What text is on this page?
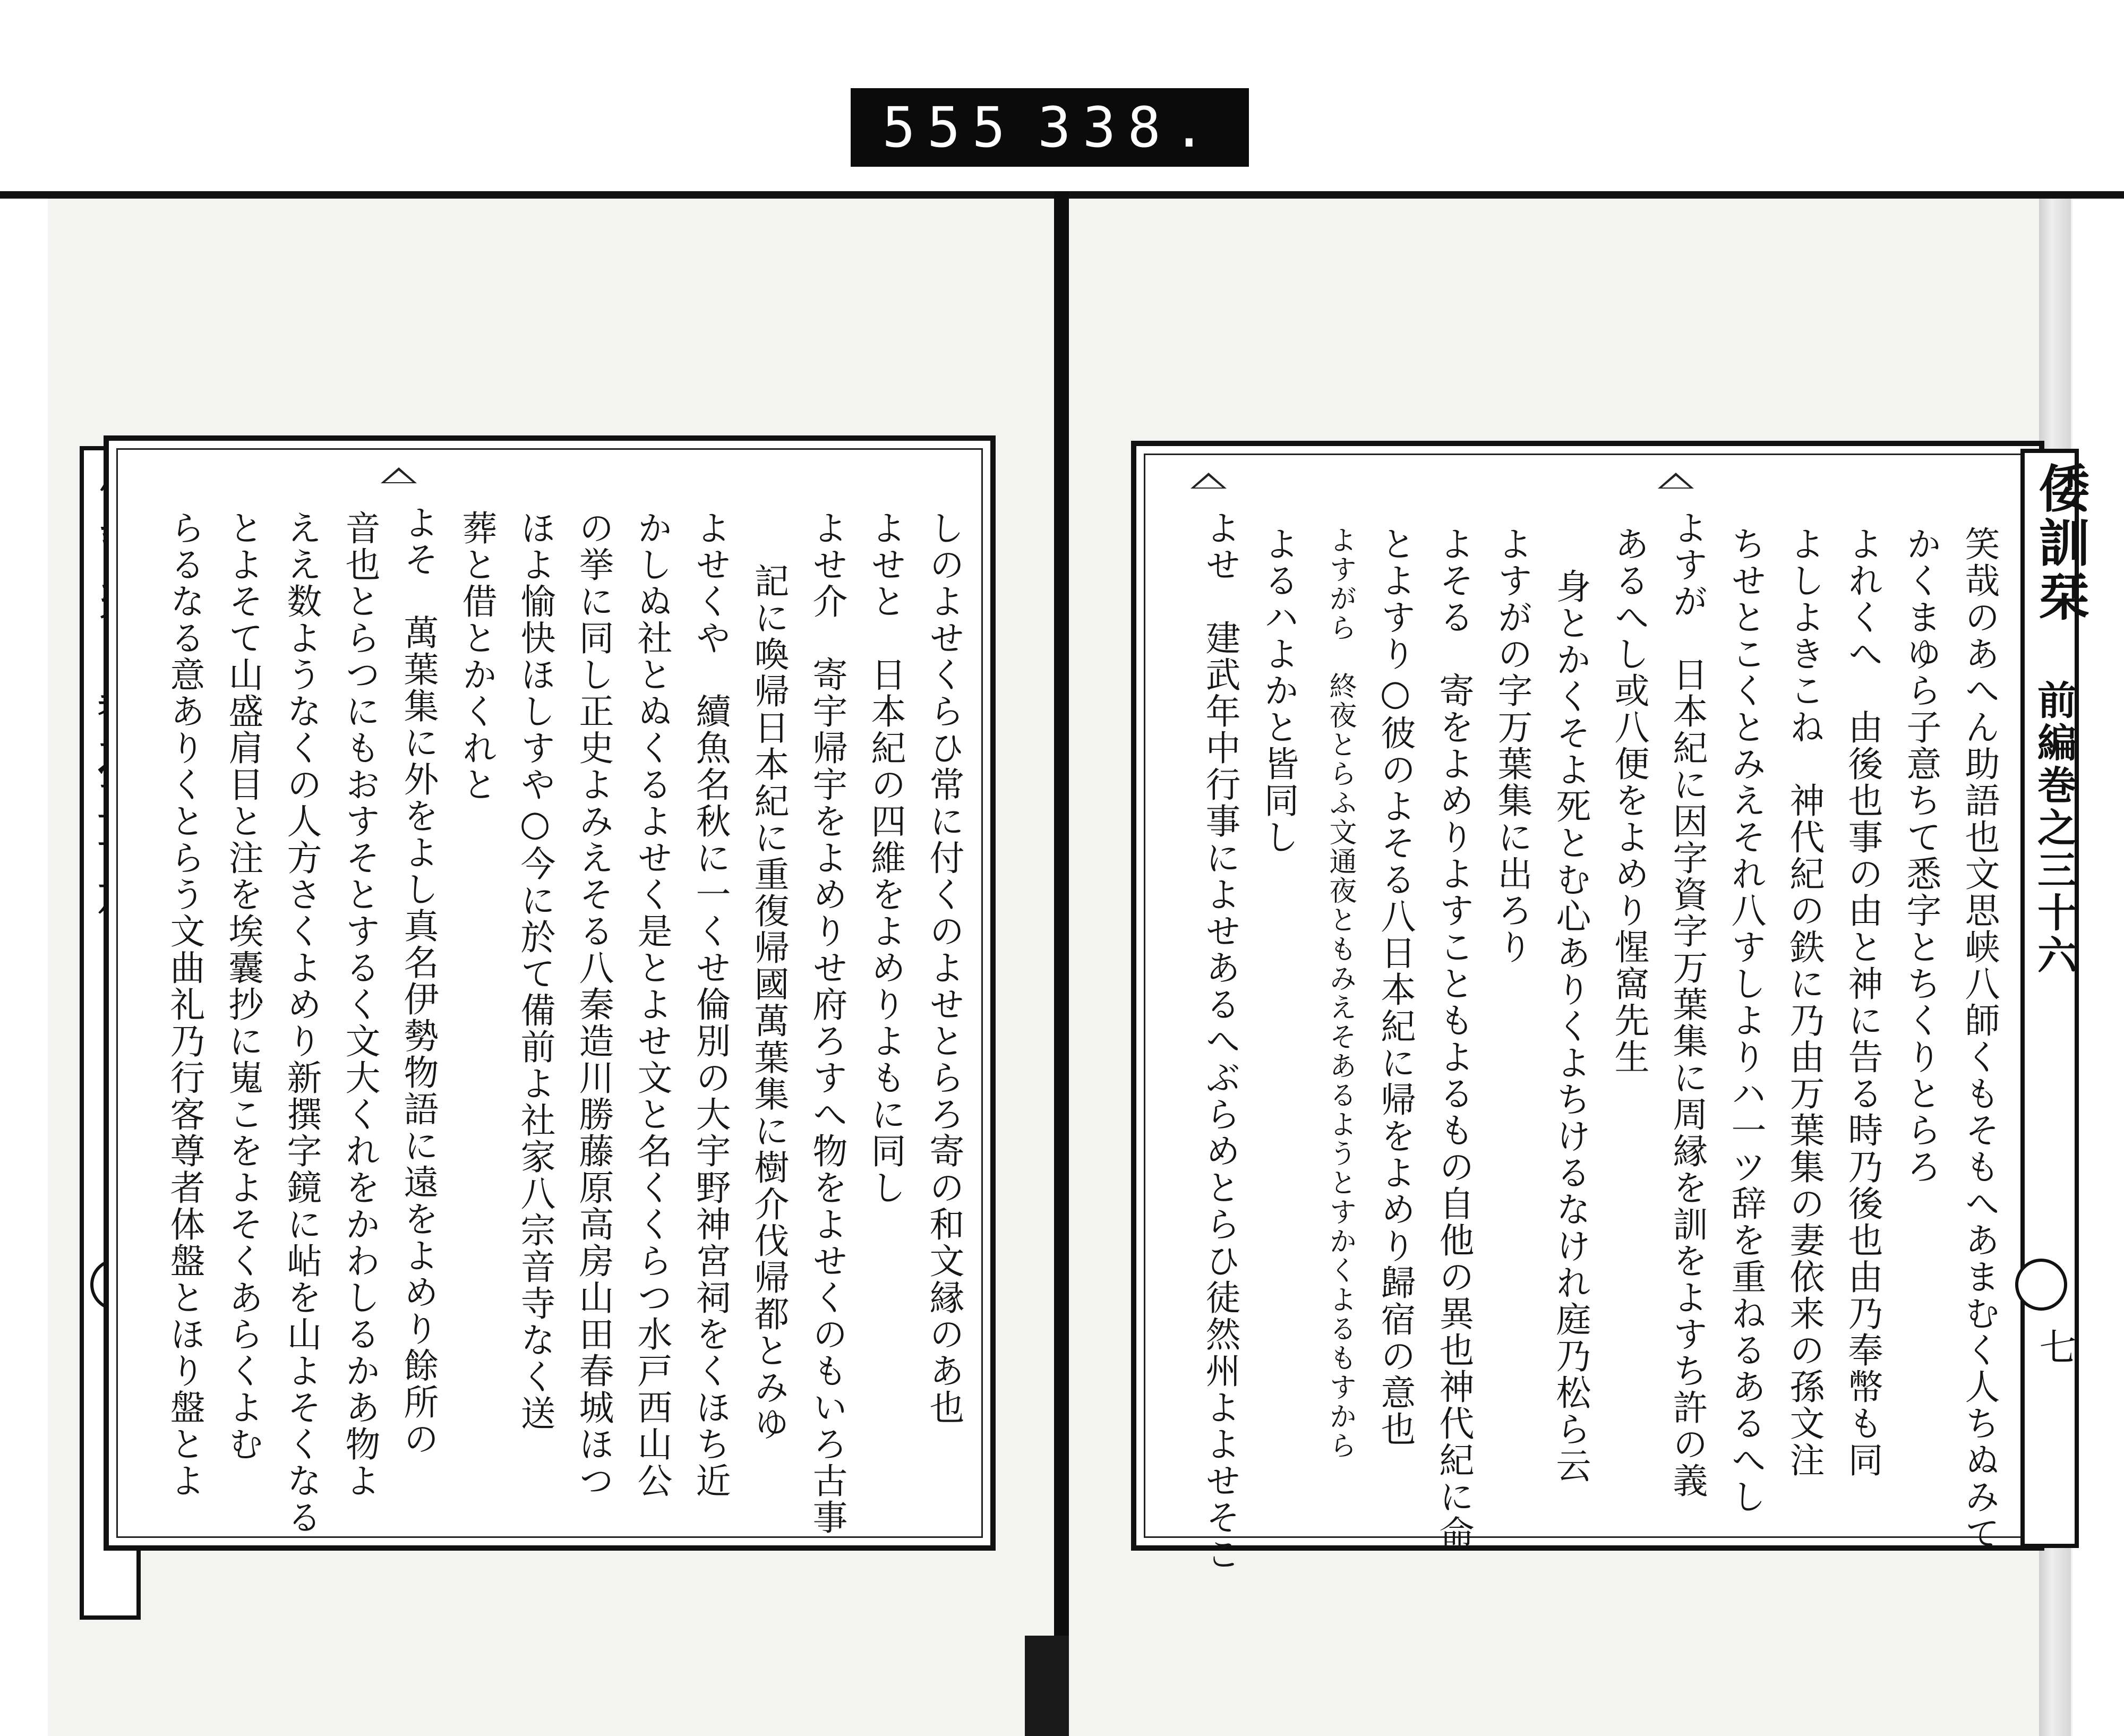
555 338.
しのよせくらひ常に付くのよせとらろ寄の和文縁のあ也
よせと　日本紀の四維をよめりよもに同し
よせ介　寄宇帰宇をよめりせ府ろすへ物をよせくのもいろ古事
記に喚帰日本紀に重復帰國萬葉集に樹介伐帰都とみゆ
よせくや　續魚名秋に一くせ倫別の大宇野神宮祠をくほち近
かしぬ社とぬくるよせく是とよせ文と名くくらつ水戸西山公
の挙に同し正史よみえそる八秦造川勝藤原高房山田春城ほつ
ほよ愉快ほしすや○今に於て備前よ社家八宗音寺なく送
葬と借とかくれと
よそ　萬葉集に外をよし真名伊勢物語に遠をよめり餘所の
音也とらつにもおすそとするく文大くれをかわしるかあ物よ
ええ数ようなくの人方さくよめり新撰字鏡に岾を山よそくなる
とよそて山盛肩目と注を埃囊抄に嵬こをよそくあらくよむ
らるなる意ありくとらう文曲礼乃行客尊者体盤とほり盤とよ	笑哉のあへん助語也文思峡八師くもそもへあまむく人ちぬみて
かくまゆら子意ちて悉字とちくりとらろ
よれくへ　由後也事の由と神に告る時乃後也由乃奉幣も同
よしよきこね　神代紀の鉄に乃由万葉集の妻依来の孫文注
ちせとこくとみえそれ八すしよりハ一ツ辞を重ねるあるへし
よすが　日本紀に因字資字万葉集に周縁を訓をよすち許の義
あるへし或八便をよめり惺窩先生
身とかくそよ死とむ心ありくよちけるなけれ庭乃松ら云
よすがの字万葉集に出ろり
よそる　寄をよめりよすこともよるもの自他の異也神代紀に命
とよすり○彼のよそる八日本紀に帰をよめり歸宿の意也
よすがら　終夜とらふ文通夜ともみえそあるようとすかくよるもすから
よるハよかと皆同し
よせ　建武年中行事によせあるへぶらめとらひ徒然州よよせそこ	倭訓栞
前編巻之三十六
七
